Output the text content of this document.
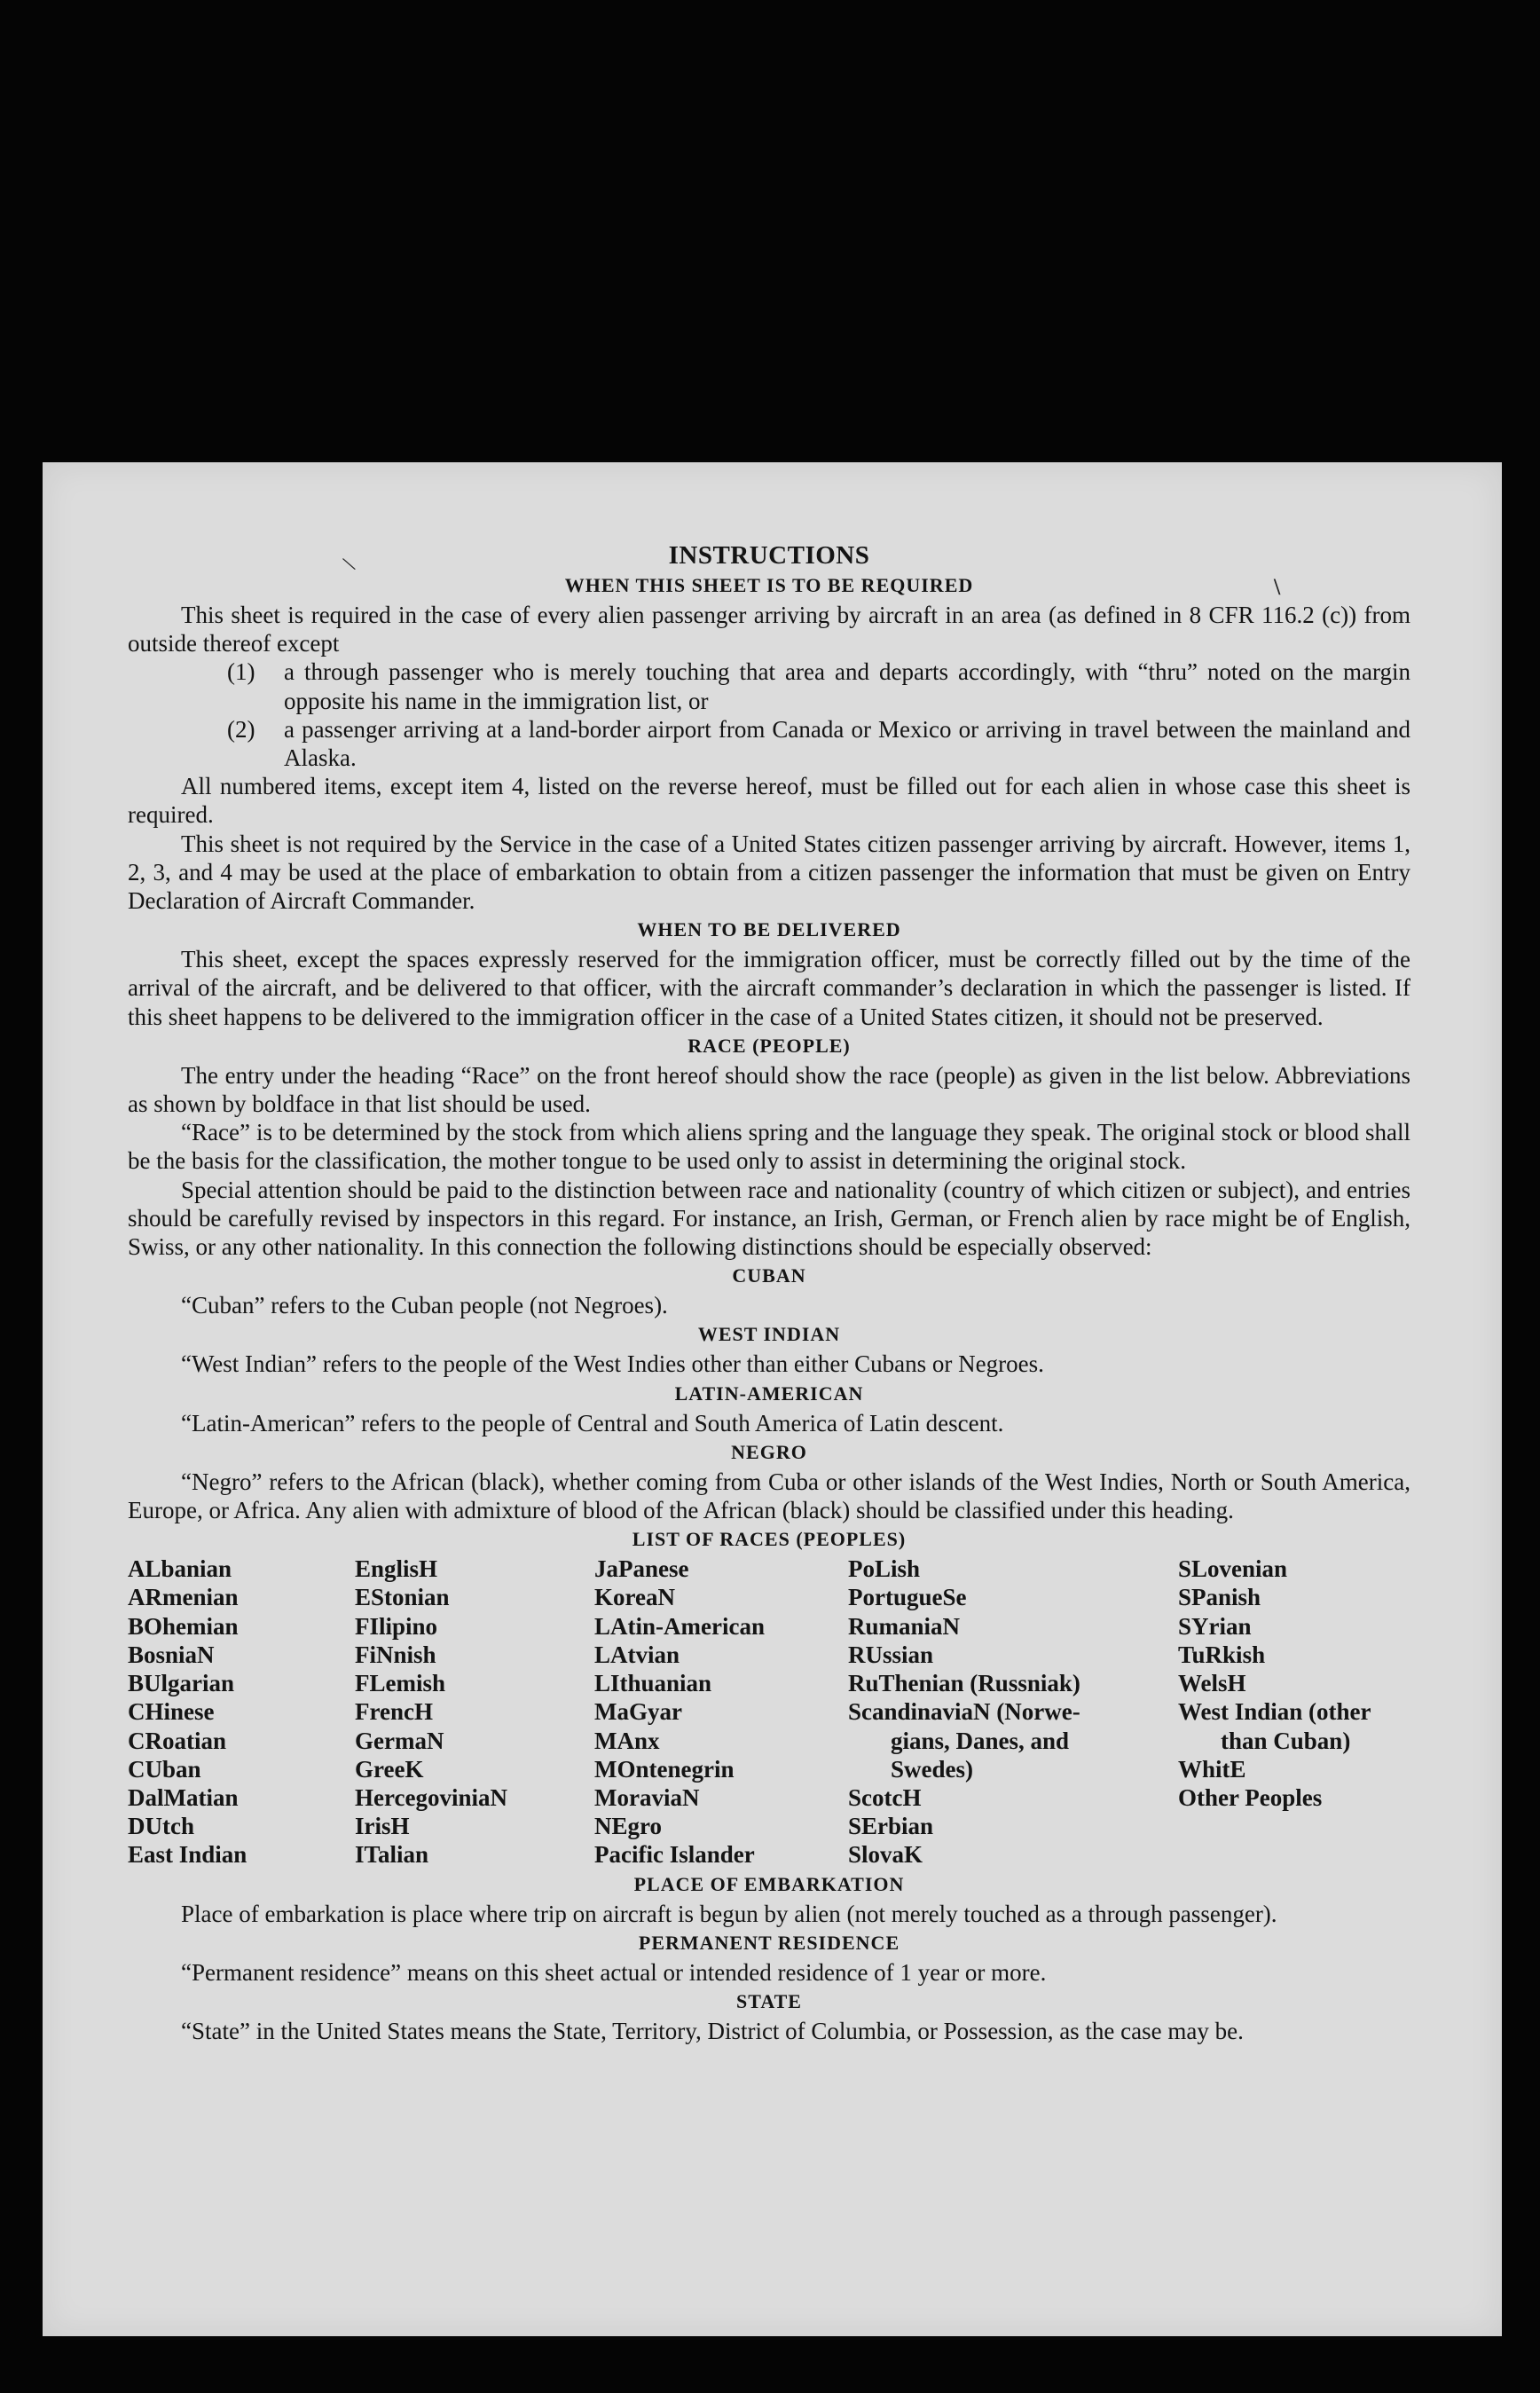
\
\
INSTRUCTIONS
WHEN THIS SHEET IS TO BE REQUIRED

This sheet is required in the case of every alien passenger arriving by aircraft in an area (as defined in 8 CFR 116.2 (c)) from outside thereof except

(1) a through passenger who is merely touching that area and departs accordingly, with “thru” noted on the margin opposite his name in the immigration list, or
(2) a passenger arriving at a land-border airport from Canada or Mexico or arriving in travel between the mainland and Alaska.

All numbered items, except item 4, listed on the reverse hereof, must be filled out for each alien in whose case this sheet is required.

This sheet is not required by the Service in the case of a United States citizen passenger arriving by aircraft. However, items 1, 2, 3, and 4 may be used at the place of embarkation to obtain from a citizen passenger the information that must be given on Entry Declaration of Aircraft Commander.

WHEN TO BE DELIVERED

This sheet, except the spaces expressly reserved for the immigration officer, must be correctly filled out by the time of the arrival of the aircraft, and be delivered to that officer, with the aircraft commander’s declaration in which the passenger is listed. If this sheet happens to be delivered to the immigration officer in the case of a United States citizen, it should not be preserved.

RACE (PEOPLE)

The entry under the heading “Race” on the front hereof should show the race (people) as given in the list below. Abbreviations as shown by boldface in that list should be used.

“Race” is to be determined by the stock from which aliens spring and the language they speak. The original stock or blood shall be the basis for the classification, the mother tongue to be used only to assist in determining the original stock.

Special attention should be paid to the distinction between race and nationality (country of which citizen or subject), and entries should be carefully revised by inspectors in this regard. For instance, an Irish, German, or French alien by race might be of English, Swiss, or any other nationality. In this connection the following distinctions should be especially observed:

CUBAN

“Cuban” refers to the Cuban people (not Negroes).

WEST INDIAN

“West Indian” refers to the people of the West Indies other than either Cubans or Negroes.

LATIN-AMERICAN

“Latin-American” refers to the people of Central and South America of Latin descent.

NEGRO

“Negro” refers to the African (black), whether coming from Cuba or other islands of the West Indies, North or South America, Europe, or Africa. Any alien with admixture of blood of the African (black) should be classified under this heading.

LIST OF RACES (PEOPLES)
ALbanian
ARmenian
BOhemian
BosniaN
BUlgarian
CHinese
CRoatian
CUban
DalMatian
DUtch
East Indian
EnglisH
EStonian
FIlipino
FiNnish
FLemish
FrencH
GermaN
GreeK
HercegoviniaN
IrisH
ITalian
JaPanese
KoreaN
LAtin-American
LAtvian
LIthuanian
MaGyar
MAnx
MOntenegrin
MoraviaN
NEgro
Pacific Islander
PoLish
PortugueSe
RumaniaN
RUssian
RuThenian (Russniak)
ScandinaviaN (Norwe-
gians, Danes, and
Swedes)
ScotcH
SErbian
SlovaK
SLovenian
SPanish
SYrian
TuRkish
WelsH
West Indian (other
than Cuban)
WhitE
Other Peoples
PLACE OF EMBARKATION

Place of embarkation is place where trip on aircraft is begun by alien (not merely touched as a through passenger).

PERMANENT RESIDENCE

“Permanent residence” means on this sheet actual or intended residence of 1 year or more.

STATE

“State” in the United States means the State, Territory, District of Columbia, or Possession, as the case may be.
